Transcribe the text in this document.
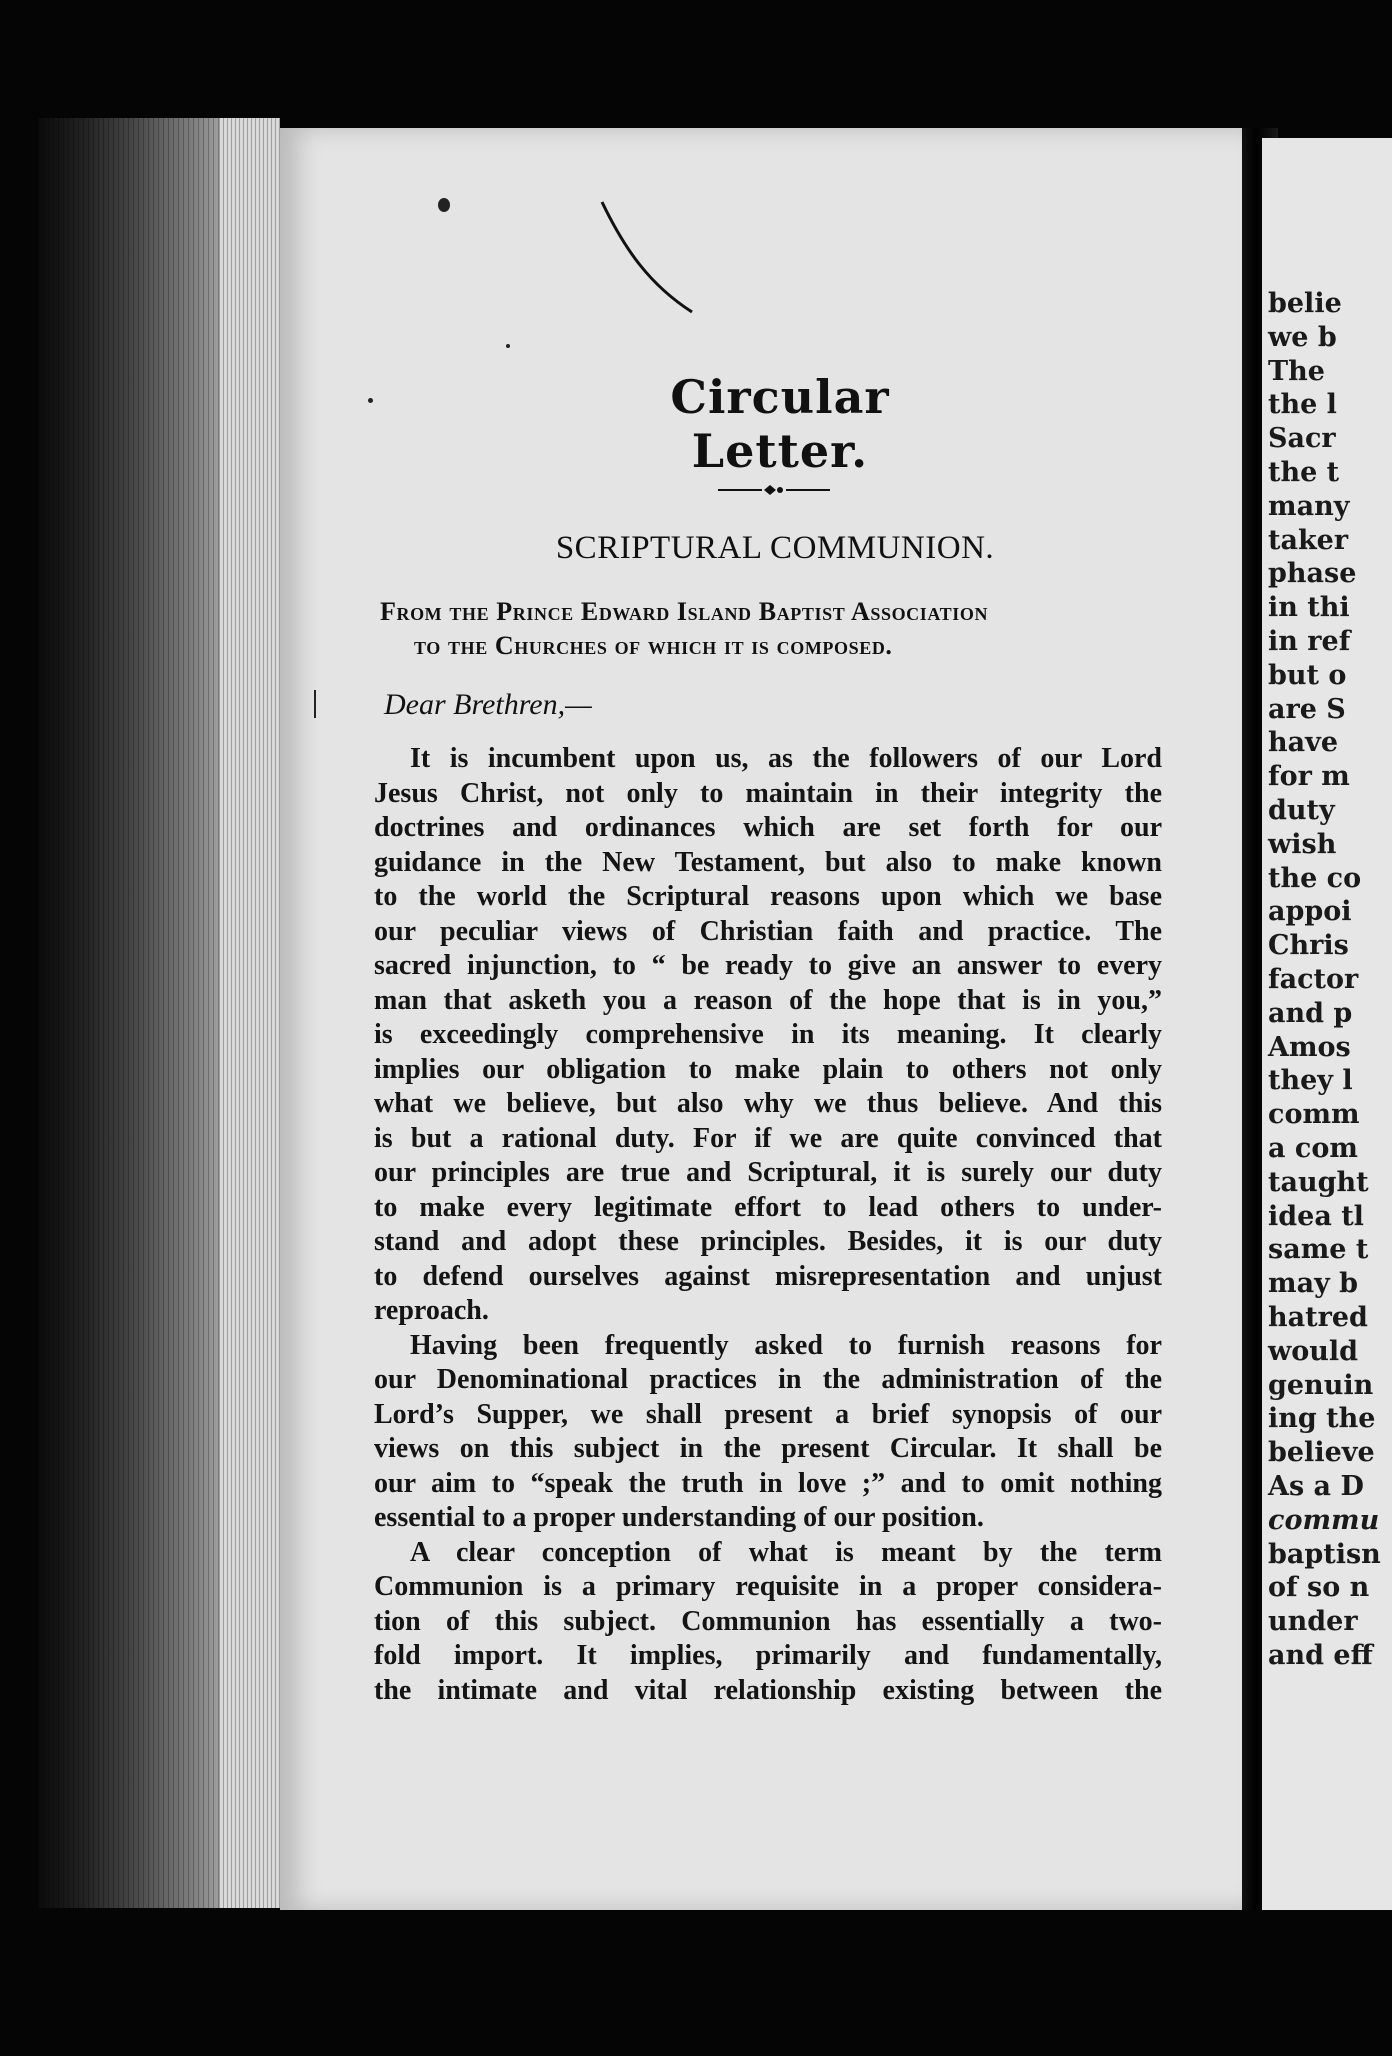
Circular Letter.
SCRIPTURAL COMMUNION.
From the Prince Edward Island Baptist Association
to the Churches of which it is composed.
Dear Brethren,—
It is incumbent upon us, as the followers of our Lord
Jesus Christ, not only to maintain in their integrity the
doctrines and ordinances which are set forth for our
guidance in the New Testament, but also to make known
to the world the Scriptural reasons upon which we base
our peculiar views of Christian faith and practice. The
sacred injunction, to “ be ready to give an answer to every
man that asketh you a reason of the hope that is in you,”
is exceedingly comprehensive in its meaning. It clearly
implies our obligation to make plain to others not only
what we believe, but also why we thus believe. And this
is but a rational duty. For if we are quite convinced that
our principles are true and Scriptural, it is surely our duty
to make every legitimate effort to lead others to under-
stand and adopt these principles. Besides, it is our duty
to defend ourselves against misrepresentation and unjust
reproach.
Having been frequently asked to furnish reasons for
our Denominational practices in the administration of the
Lord’s Supper, we shall present a brief synopsis of our
views on this subject in the present Circular. It shall be
our aim to “speak the truth in love ;” and to omit nothing
essential to a proper understanding of our position.
A clear conception of what is meant by the term
Communion is a primary requisite in a proper considera-
tion of this subject. Communion has essentially a two-
fold import. It implies, primarily and fundamentally,
the intimate and vital relationship existing between the
belie
we b
The
the l
Sacr
the t
many
taker
phase
in thi
in ref
but o
are S
have
for m
duty
wish
the co
appoi
Chris
factor
and p
Amos
they l
comm
a com
taught
idea tl
same t
may b
hatred
would
genuin
ing the
believe
As a D
commu
baptisn
of so n
under
and eff
